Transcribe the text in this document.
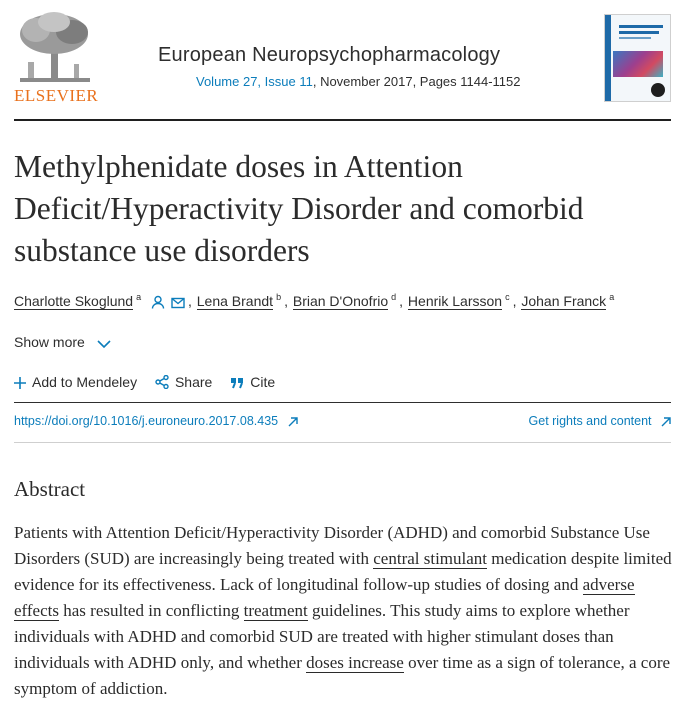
ELSEVIER
European Neuropsychopharmacology
Volume 27, Issue 11, November 2017, Pages 1144-1152
Methylphenidate doses in Attention Deficit/Hyperactivity Disorder and comorbid substance use disorders
Charlotte Skoglund $^a$	, Lena Brandt $^b$ , Brian D'Onofrio $^d$ , Henrik Larsson $^c$ , Johan Franck $^a$
Show more
Add to Mendeley	Share	Cite
https://doi.org/10.1016/j.euroneuro.2017.08.435	Get rights and content
Abstract

Patients with Attention Deficit/Hyperactivity Disorder (ADHD) and comorbid Substance Use Disorders (SUD) are increasingly being treated with central stimulant medication despite limited evidence for its effectiveness. Lack of longitudinal follow-up studies of dosing and adverse effects has resulted in conflicting treatment guidelines. This study aims to explore whether individuals with ADHD and comorbid SUD are treated with higher stimulant doses than individuals with ADHD only, and whether doses increase over time as a sign of tolerance, a core symptom of addiction.
